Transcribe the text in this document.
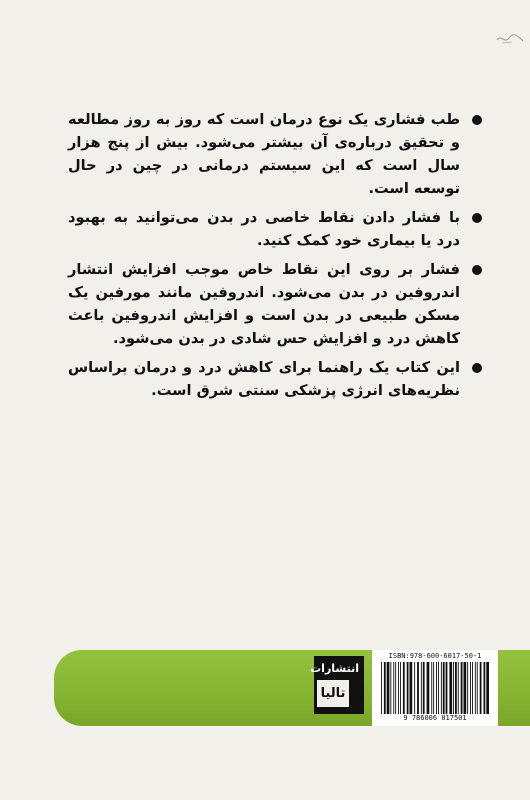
طب فشاری یک نوع درمان است که روز به روز مطالعه و تحقیق درباره‌ی آن بیشتر می‌شود. بیش از پنج هزار سال است که این سیستم درمانی در چین در حال توسعه است.
با فشار دادن نقاط خاصی در بدن می‌توانید به بهبود درد یا بیماری خود کمک کنید.
فشار بر روی این نقاط خاص موجب افزایش انتشار اندروفین در بدن می‌شود. اندروفین مانند مورفین یک مسکن طبیعی در بدن است و افزایش اندروفین باعث کاهش درد و افزایش حس شادی در بدن می‌شود.
این کتاب یک راهنما برای کاهش درد و درمان براساس نظریه‌های انرژی پزشکی سنتی شرق است.
انتشارات
تالیا
ISBN:978-600-6017-50-1
9 786006 017501
